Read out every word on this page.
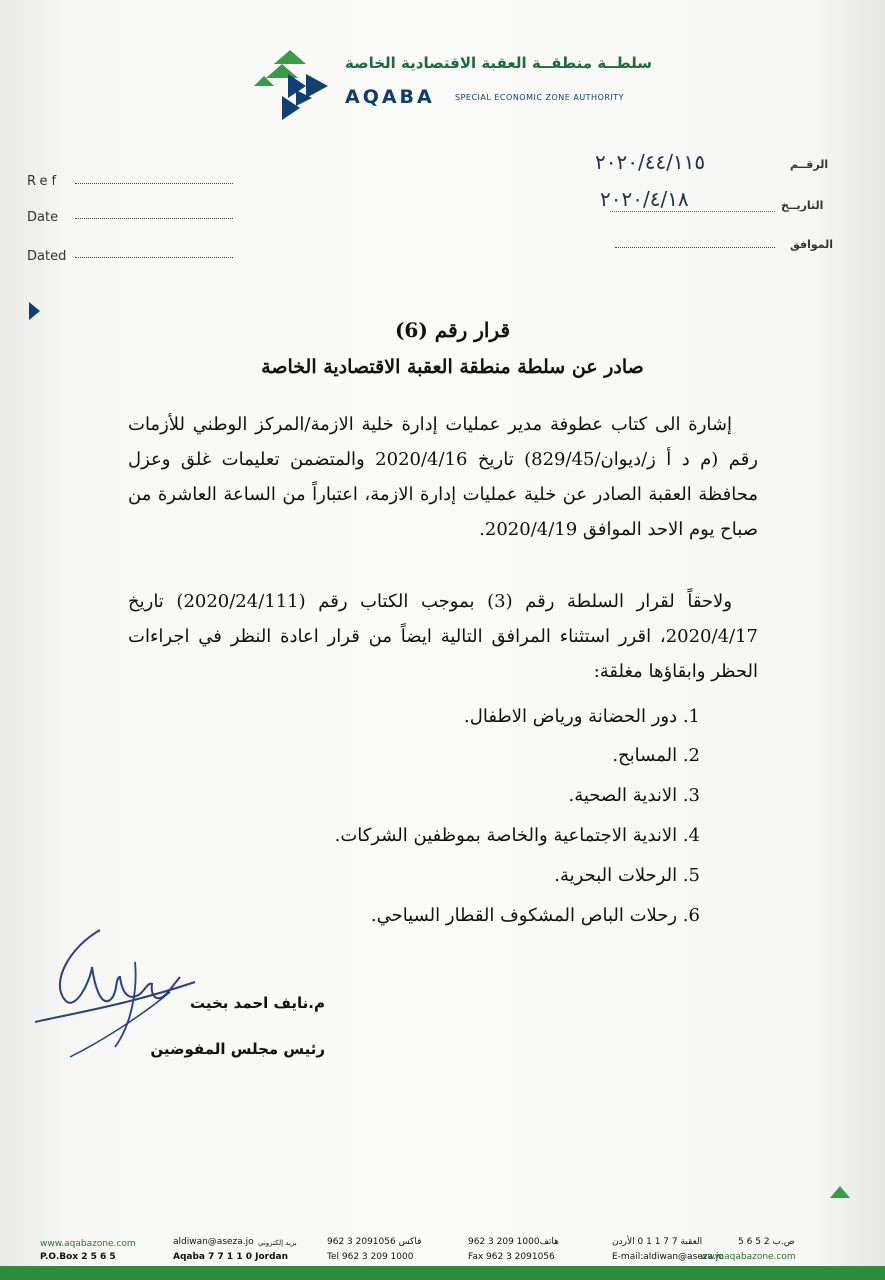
سلطــة منطقــة العقبة الاقتصادية الخاصة
AQABA	SPECIAL ECONOMIC ZONE AUTHORITY
Ref
Date
Dated
الرقــم
٢٠٢٠/٤٤/١١٥
التاريــخ
٢٠٢٠/٤/١٨
الموافق
قرار رقم (6)
صادر عن سلطة منطقة العقبة الاقتصادية الخاصة
إشارة الى كتاب عطوفة مدير عمليات إدارة خلية الازمة/المركز الوطني للأزمات رقم (م د أ ز/ديوان/829/45) تاريخ 2020/4/16 والمتضمن تعليمات غلق وعزل محافظة العقبة الصادر عن خلية عمليات إدارة الازمة، اعتباراً من الساعة العاشرة من صباح يوم الاحد الموافق 2020/4/19.
ولاحقاً لقرار السلطة رقم (3) بموجب الكتاب رقم (2020/24/111) تاريخ 2020/4/17، اقرر استثناء المرافق التالية ايضاً من قرار اعادة النظر في اجراءات الحظر وابقاؤها مغلقة:
1. دور الحضانة ورياض الاطفال.
2. المسابح.
3. الاندية الصحية.
4. الاندية الاجتماعية والخاصة بموظفين الشركات.
5. الرحلات البحرية.
6. رحلات الباص المشكوف القطار السياحي.
م.نايف احمد بخيت
رئيس مجلس المفوضين
www.aqabazone.com
P.O.Box 2 5 6 5
aldiwan@aseza.jo بريد إلكتروني
Aqaba 7 7 1 1 0 Jordan
962 3 2091056 فاكس
Tel 962 3 209 1000
962 3 209 1000هاتف
Fax 962 3 2091056
العقبة 7 7 1 1 0 الأردن
E-mail:aldiwan@aseza.jo
ص.ب 2 5 6 5
www.aqabazone.com
